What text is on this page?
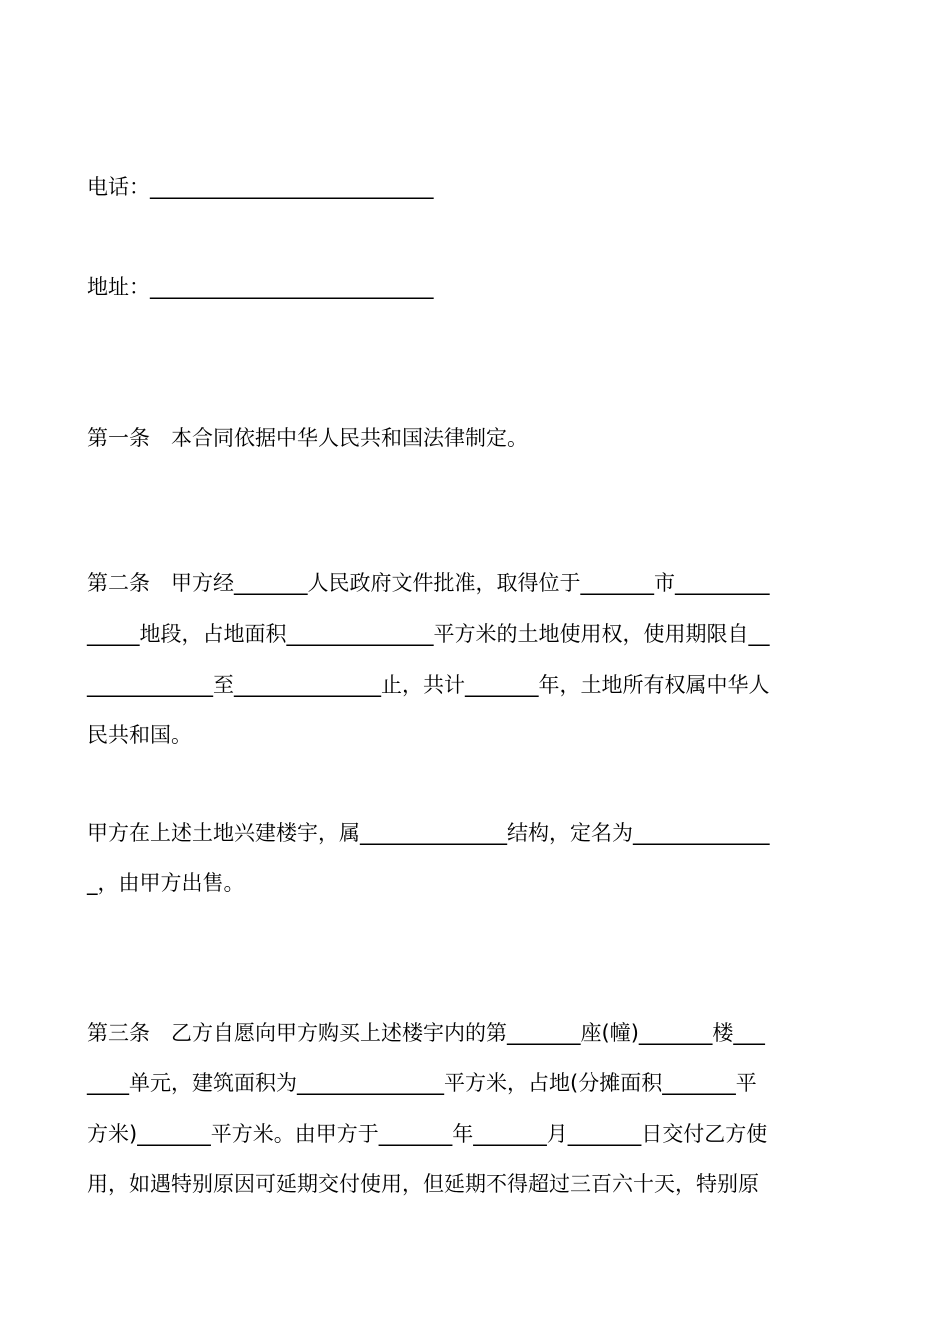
电话：___________________________

地址：___________________________

第一条　本合同依据中华人民共和国法律制定。

第二条　甲方经_______人民政府文件批准，取得位于_______市_________

_____地段，占地面积______________平方米的土地使用权，使用期限自__

____________至______________止，共计_______年，土地所有权属中华人

民共和国。

甲方在上述土地兴建楼宇，属______________结构，定名为_____________

_，由甲方出售。

第三条　乙方自愿向甲方购买上述楼宇内的第_______座(幢)_______楼___

____单元，建筑面积为______________平方米，占地(分摊面积_______平

方米)_______平方米。由甲方于_______年_______月_______日交付乙方使

用，如遇特别原因可延期交付使用，但延期不得超过三百六十天，特别原
